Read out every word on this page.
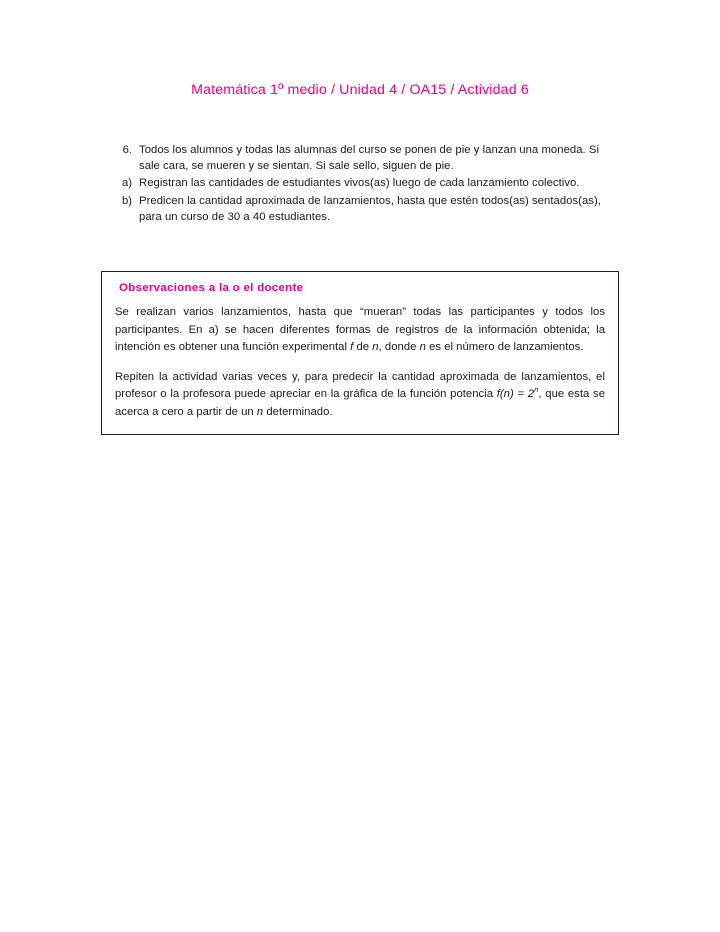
Matemática 1º medio / Unidad 4 / OA15 / Actividad 6
6. Todos los alumnos y todas las alumnas del curso se ponen de pie y lanzan una moneda. Si sale cara, se mueren y se sientan. Si sale sello, siguen de pie.
a) Registran las cantidades de estudiantes vivos(as) luego de cada lanzamiento colectivo.
b) Predicen la cantidad aproximada de lanzamientos, hasta que estén todos(as) sentados(as), para un curso de 30 a 40 estudiantes.
Observaciones a la o el docente

Se realizan varios lanzamientos, hasta que “mueran” todas las participantes y todos los participantes. En a) se hacen diferentes formas de registros de la información obtenida; la intención es obtener una función experimental f de n, donde n es el número de lanzamientos.

Repiten la actividad varias veces y, para predecir la cantidad aproximada de lanzamientos, el profesor o la profesora puede apreciar en la gráfica de la función potencia $f(n) = 2^n$, que esta se acerca a cero a partir de un n determinado.
